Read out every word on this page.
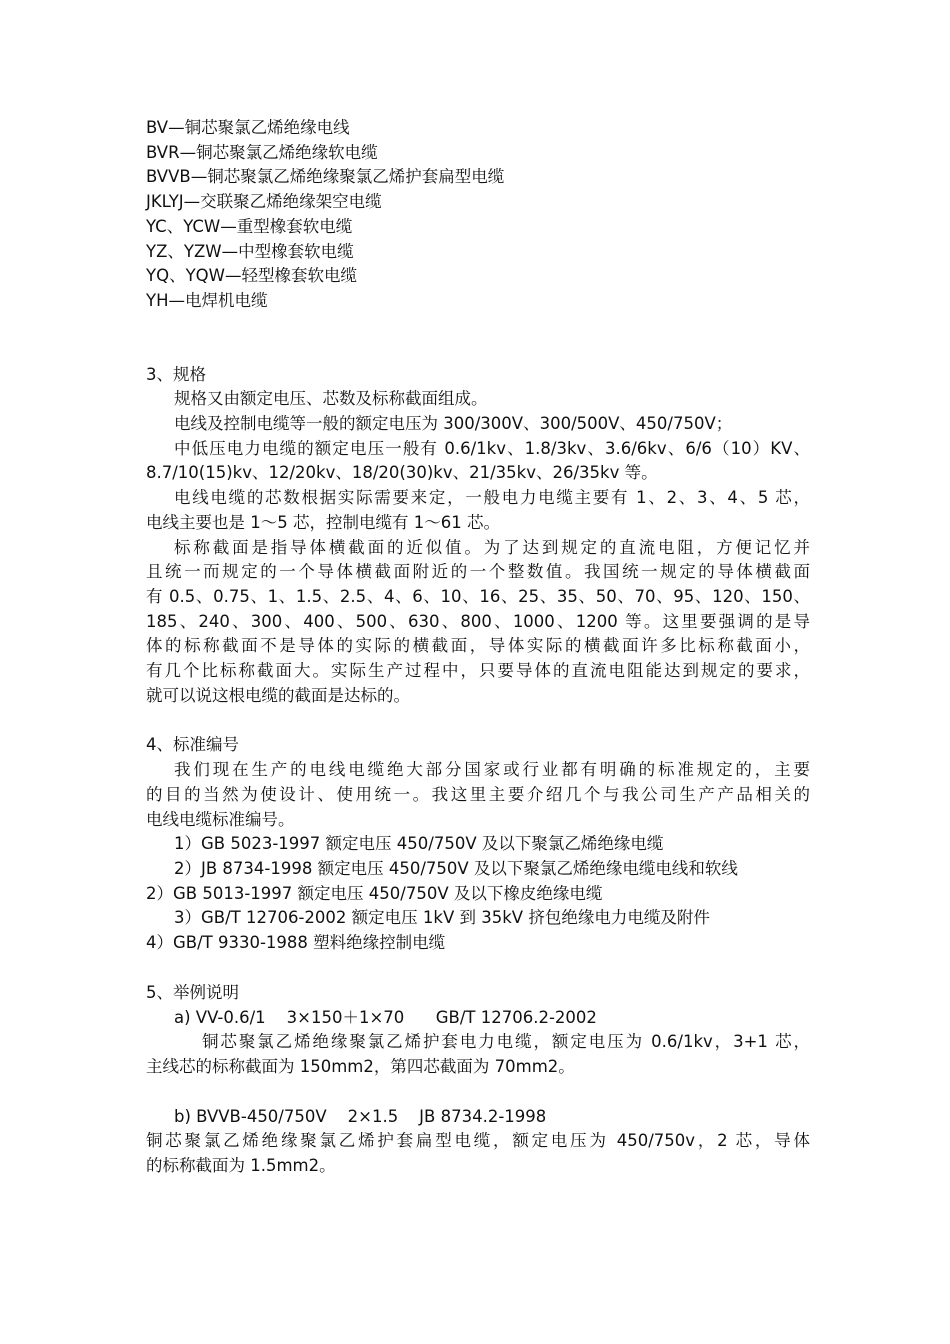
BV—铜芯聚氯乙烯绝缘电线
BVR—铜芯聚氯乙烯绝缘软电缆
BVVB—铜芯聚氯乙烯绝缘聚氯乙烯护套扁型电缆
JKLYJ—交联聚乙烯绝缘架空电缆
YC、YCW—重型橡套软电缆
YZ、YZW—中型橡套软电缆
YQ、YQW—轻型橡套软电缆
YH—电焊机电缆
3、规格
规格又由额定电压、芯数及标称截面组成。
电线及控制电缆等一般的额定电压为 300/300V、300/500V、450/750V；
中低压电力电缆的额定电压一般有 0.6/1kv、1.8/3kv、3.6/6kv、6/6（10）KV、
8.7/10(15)kv、12/20kv、18/20(30)kv、21/35kv、26/35kv 等。
电线电缆的芯数根据实际需要来定，一般电力电缆主要有 1、2、3、4、5 芯，
电线主要也是 1～5 芯，控制电缆有 1～61 芯。
标称截面是指导体横截面的近似值。为了达到规定的直流电阻，方便记忆并
且统一而规定的一个导体横截面附近的一个整数值。我国统一规定的导体横截面
有 0.5、0.75、1、1.5、2.5、4、6、10、16、25、35、50、70、95、120、150、
185、240、300、400、500、630、800、1000、1200 等。这里要强调的是导
体的标称截面不是导体的实际的横截面，导体实际的横截面许多比标称截面小，
有几个比标称截面大。实际生产过程中，只要导体的直流电阻能达到规定的要求，
就可以说这根电缆的截面是达标的。
4、标准编号
我们现在生产的电线电缆绝大部分国家或行业都有明确的标准规定的，主要
的目的当然为使设计、使用统一。我这里主要介绍几个与我公司生产产品相关的
电线电缆标准编号。
1）GB 5023-1997 额定电压 450/750V 及以下聚氯乙烯绝缘电缆
2）JB 8734-1998 额定电压 450/750V 及以下聚氯乙烯绝缘电缆电线和软线
2）GB 5013-1997 额定电压 450/750V 及以下橡皮绝缘电缆
3）GB/T 12706-2002 额定电压 1kV 到 35kV 挤包绝缘电力电缆及附件
4）GB/T 9330-1988 塑料绝缘控制电缆
5、举例说明
a) VV-0.6/1    3×150＋1×70      GB/T 12706.2-2002
铜芯聚氯乙烯绝缘聚氯乙烯护套电力电缆，额定电压为 0.6/1kv，3+1 芯，
主线芯的标称截面为 150mm2，第四芯截面为 70mm2。
b) BVVB-450/750V    2×1.5    JB 8734.2-1998
铜芯聚氯乙烯绝缘聚氯乙烯护套扁型电缆，额定电压为 450/750v，2 芯，导体
的标称截面为 1.5mm2。
